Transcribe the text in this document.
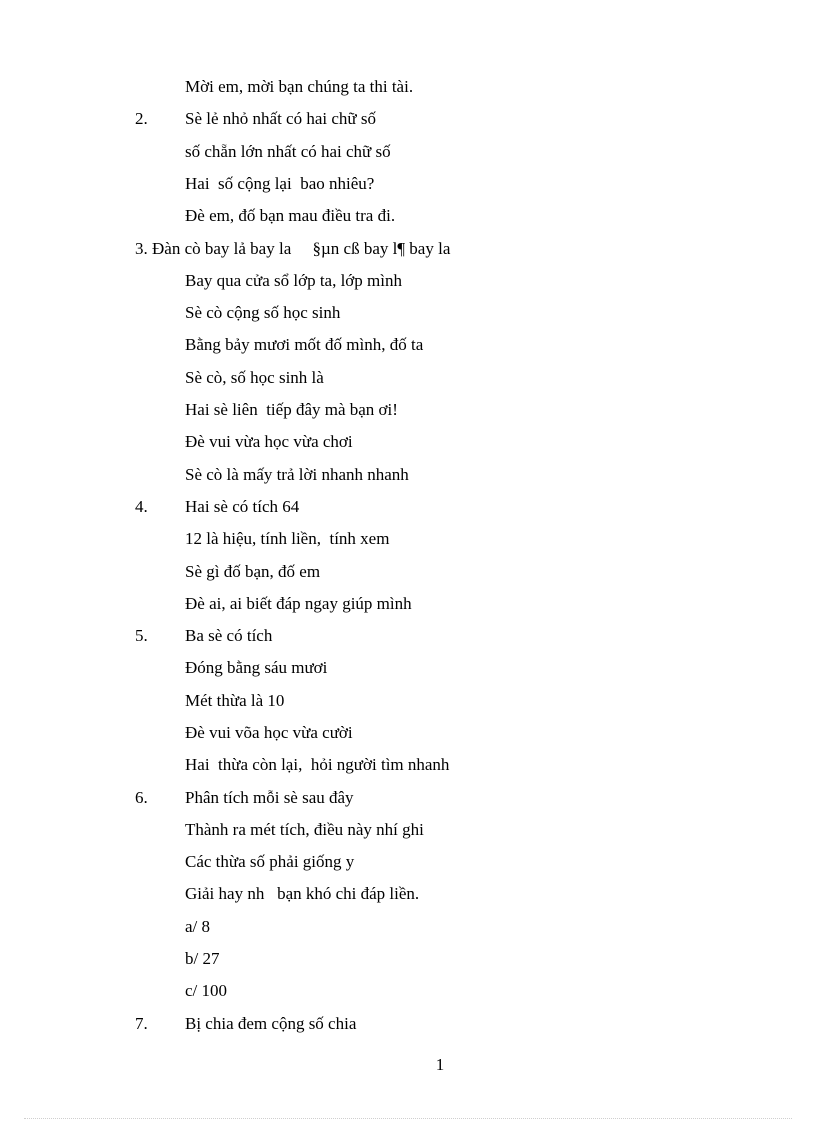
Mời em, mời bạn chúng ta thi tài.
2. Sè lẻ nhỏ nhất có hai chữ số
số chẵn lớn nhất có hai chữ số
Hai  số cộng lại  bao nhiêu?
Đè em, đố bạn mau điều tra đi.
3. Đàn cò bay lả bay la     §µn cß bay l¶ bay la
Bay qua cửa sổ lớp ta, lớp mình
Sè cò cộng số học sinh
Bằng bảy mươi mốt đố mình, đố ta
Sè cò, số học sinh là
Hai sè liên  tiếp đây mà bạn ơi!
Đè vui vừa học vừa chơi
Sè cò là mấy trả lời nhanh nhanh
4. Hai sè có tích 64
12 là hiệu, tính liền,  tính xem
Sè gì đố bạn, đố em
Đè ai, ai biết đáp ngay giúp mình
5. Ba sè có tích
Đóng bằng sáu mươi
Mét thừa là 10
Đè vui võa học vừa cười
Hai  thừa còn lại,  hỏi người tìm nhanh
6. Phân tích mỗi sè sau đây
Thành ra mét tích, điều này nhí ghi
Các thừa số phải giống y
Giải hay nh   bạn khó chi đáp liền.
a/ 8
b/ 27
c/ 100
7. Bị chia đem cộng số chia
1
